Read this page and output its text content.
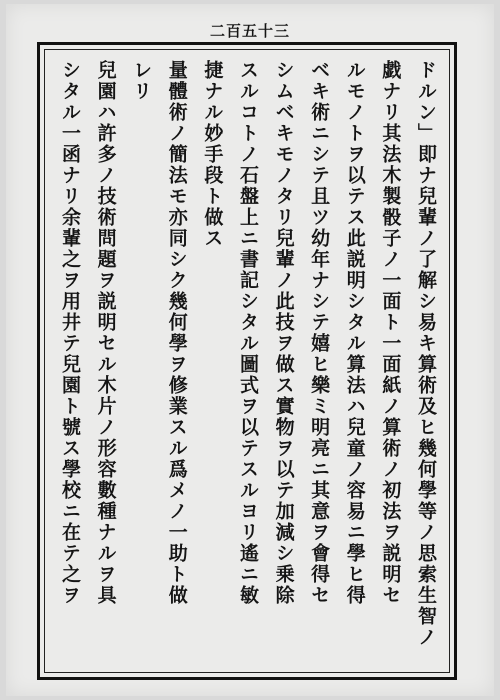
二百五十三
ドルン」即ナ兒輩ノ了解シ易キ算術及ヒ幾何學等ノ思索生智ノ
戯ナリ其法木製骰子ノ一面ト一面紙ノ算術ノ初法ヲ説明セ
ルモノトヲ以テス此説明シタル算法ハ兒童ノ容易ニ學ヒ得
ベキ術ニシテ且ツ幼年ナシテ嬉ヒ樂ミ明亮ニ其意ヲ會得セ
シムベキモノタリ兒輩ノ此技ヲ做ス實物ヲ以テ加減シ乗除
スルコトノ石盤上ニ書記シタル圖式ヲ以テスルヨリ遙ニ敏
捷ナル妙手段ト做ス
量體術ノ簡法モ亦同シク幾何學ヲ修業スル爲メノ一助ト做
レリ
兒園ハ許多ノ技術問題ヲ説明セル木片ノ形容數種ナルヲ具
シタル一函ナリ余輩之ヲ用井テ兒園ト號ス學校ニ在テ之ヲ
